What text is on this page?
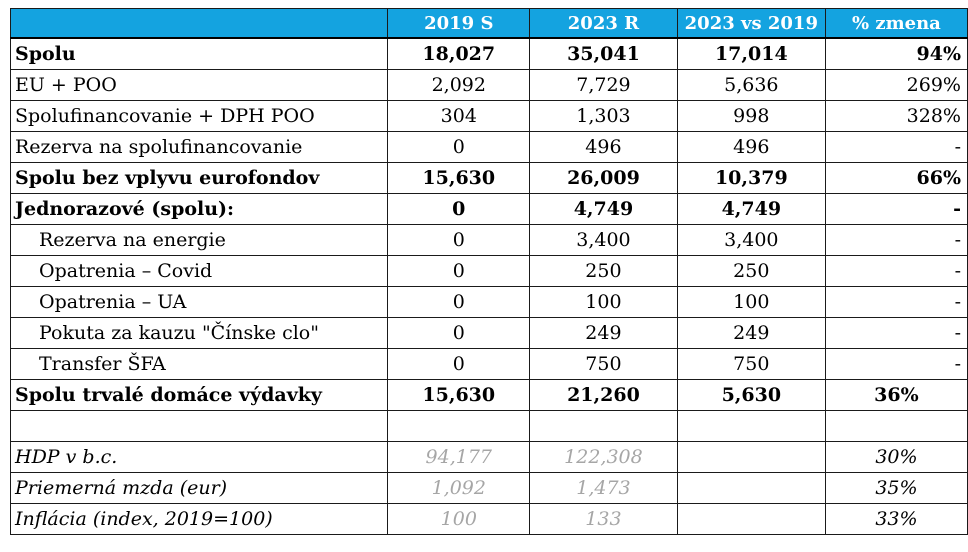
	2019 S	2023 R	2023 vs 2019	% zmena
Spolu	18,027	35,041	17,014	94%
EU + POO	2,092	7,729	5,636	269%
Spolufinancovanie + DPH POO	304	1,303	998	328%
Rezerva na spolufinancovanie	0	496	496	-
Spolu bez vplyvu eurofondov	15,630	26,009	10,379	66%
Jednorazové (spolu):	0	4,749	4,749	-
Rezerva na energie	0	3,400	3,400	-
Opatrenia – Covid	0	250	250	-
Opatrenia – UA	0	100	100	-
Pokuta za kauzu "Čínske clo"	0	249	249	-
Transfer ŠFA	0	750	750	-
Spolu trvalé domáce výdavky	15,630	21,260	5,630	36%

HDP v b.c.	94,177	122,308		30%
Priemerná mzda (eur)	1,092	1,473		35%
Inflácia (index, 2019=100)	100	133		33%
